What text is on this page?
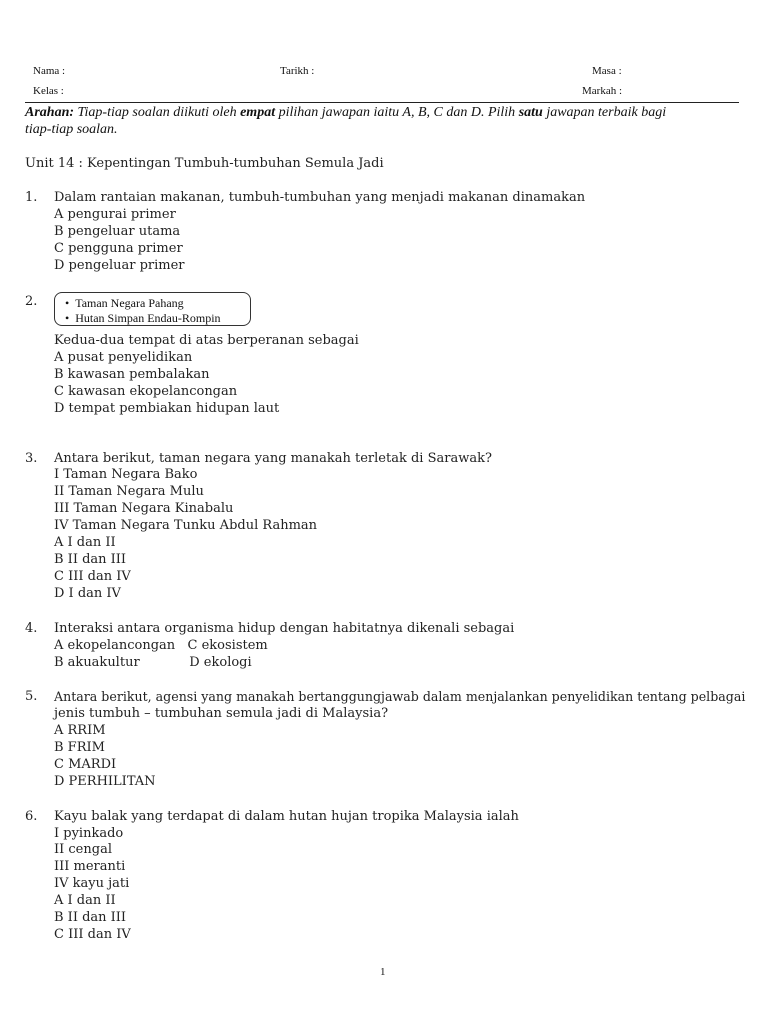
Nama :	Tarikh :	Masa :
Kelas :	Markah :
Arahan: Tiap-tiap soalan diikuti oleh empat pilihan jawapan iaitu A, B, C dan D. Pilih satu jawapan terbaik bagi
tiap-tiap soalan.
Unit 14 : Kepentingan Tumbuh-tumbuhan Semula Jadi
1. Dalam rantaian makanan, tumbuh-tumbuhan yang menjadi makanan dinamakan
A pengurai primer
B pengeluar utama
C pengguna primer
D pengeluar primer
2. •  Taman Negara Pahang
•  Hutan Simpan Endau-Rompin
Kedua-dua tempat di atas berperanan sebagai
A pusat penyelidikan
B kawasan pembalakan
C kawasan ekopelancongan
D tempat pembiakan hidupan laut
3. Antara berikut, taman negara yang manakah terletak di Sarawak?
I Taman Negara Bako
II Taman Negara Mulu
III Taman Negara Kinabalu
IV Taman Negara Tunku Abdul Rahman
A I dan II
B II dan III
C III dan IV
D I dan IV
4. Interaksi antara organisma hidup dengan habitatnya dikenali sebagai
A ekopelancongan   C ekosistem
B akuakultur            D ekologi
5. Antara berikut, agensi yang manakah bertanggungjawab dalam menjalankan penyelidikan tentang pelbagai
jenis tumbuh – tumbuhan semula jadi di Malaysia?
A RRIM
B FRIM
C MARDI
D PERHILITAN
6. Kayu balak yang terdapat di dalam hutan hujan tropika Malaysia ialah
I pyinkado
II cengal
III meranti
IV kayu jati
A I dan II
B II dan III
C III dan IV
1
